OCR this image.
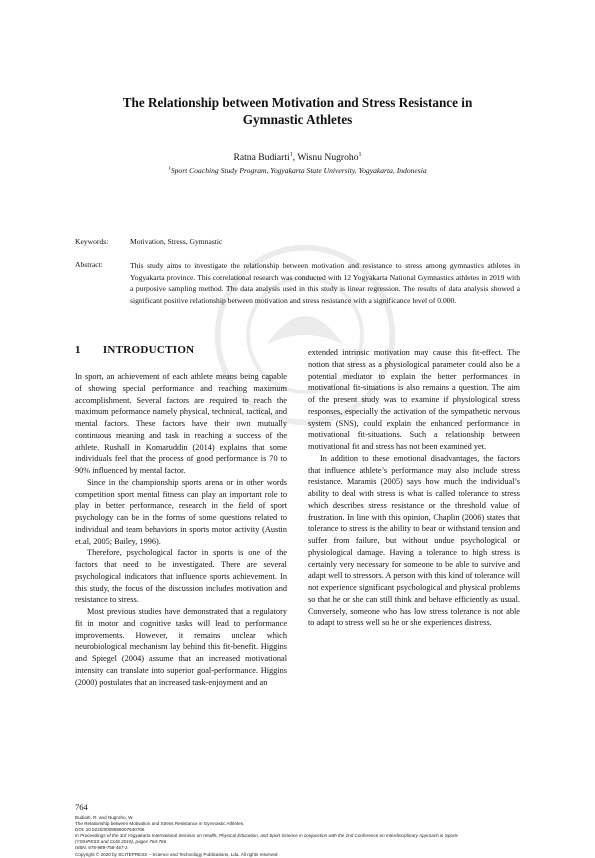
The Relationship between Motivation and Stress Resistance in
Gymnastic Athletes
Ratna Budiarti$^1$, Wisnu Nugroho$^1$
$^1$Sport Coaching Study Program, Yogyakarta State University, Yogyakarta, Indonesia
Keywords:	Motivation, Stress, Gymnastic
Abstract:	This study aims to investigate the relationship between motivation and resistance to stress among gymnastics athletes in Yogyakarta province. This correlational research was conducted with 12 Yogyakarta National Gymnastics athletes in 2019 with a purposive sampling method. The data analysis used in this study is linear regression. The results of data analysis showed a significant positive relationship between motivation and stress resistance with a significance level of 0.000.
1 INTRODUCTION

In sport, an achievement of each athlete means being capable of showing special performance and reaching maximum accomplishment. Several factors are required to reach the maximum peformance namely physical, technical, tactical, and mental factors. These factors have their own mutually continuous meaning and task in reaching a success of the athlete. Rushall in Komaruddin (2014) explains that some individuals feel that the process of good performance is 70 to 90% influenced by mental factor.

Since in the championship sports arena or in other words competition sport mental fitness can play an important role to play in better performance, research in the field of sport psychology can be in the forms of some questions related to individual and team behaviors in sports motor activity (Austin et.al, 2005; Bailey, 1996).

Therefore, psychological factor in sports is one of the factors that need to be investigated. There are several psychological indicators that influence sports achievement. In this study, the focus of the discussion includes motivation and resistance to stress.

Most previous studies have demonstrated that a regulatory fit in motor and cognitive tasks will lead to performance improvements. However, it remains unclear which neurobiological mechanism lay behind this fit-benefit. Higgins and Spiegel (2004) assume that an increased motivational intensity can translate into superior goal-performance. Higgins (2000) postulates that an increased task-enjoyment and an

extended intrinsic motivation may cause this fit-effect. The notion that stress as a physiological parameter could also be a potential mediator to explain the better performances in motivational fit-situations is also remains a question. The aim of the present study was to examine if physiological stress responses, especially the activation of the sympathetic nervous system (SNS), could explain the enhanced performance in motivational fit-situations. Such a relationship between motivational fit and stress has not been examined yet.

In addition to these emotional disadvantages, the factors that influence athlete’s performance may also include stress resistance. Maramis (2005) says how much the individual’s ability to deal with stress is what is called tolerance to stress which describes stress resistance or the threshold value of frustration. In line with this opinion, Chaplin (2006) states that tolerance to stress is the ability to bear or withstand tension and suffer from failure, but without undue psychological or physiological damage. Having a tolerance to high stress is certainly very necessary for someone to be able to survive and adapt well to stressors. A person with this kind of tolerance will not experience significant psychological and physical problems so that he or she can still think and behave efficiently as usual. Conversely, someone who has low stress tolerance is not able to adapt to stress well so he or she experiences distress.

764
Budiarti, R. and Nugroho, W.
The Relationship between Motivation and Stress Resistance in Gymnastic Athletes.
DOI: 10.5220/0009896007640766
In Proceedings of the 3rd Yogyakarta International Seminar on Health, Physical Education, and Sport Science in conjunction with the 2nd Conference on Interdisciplinary Approach in Sports
(YISHPESS and CoIS 2019), pages 764-766
ISBN: 978-989-758-457-2
Copyright © 2020 by SCITEPRESS – Science and Technology Publications, Lda. All rights reserved
